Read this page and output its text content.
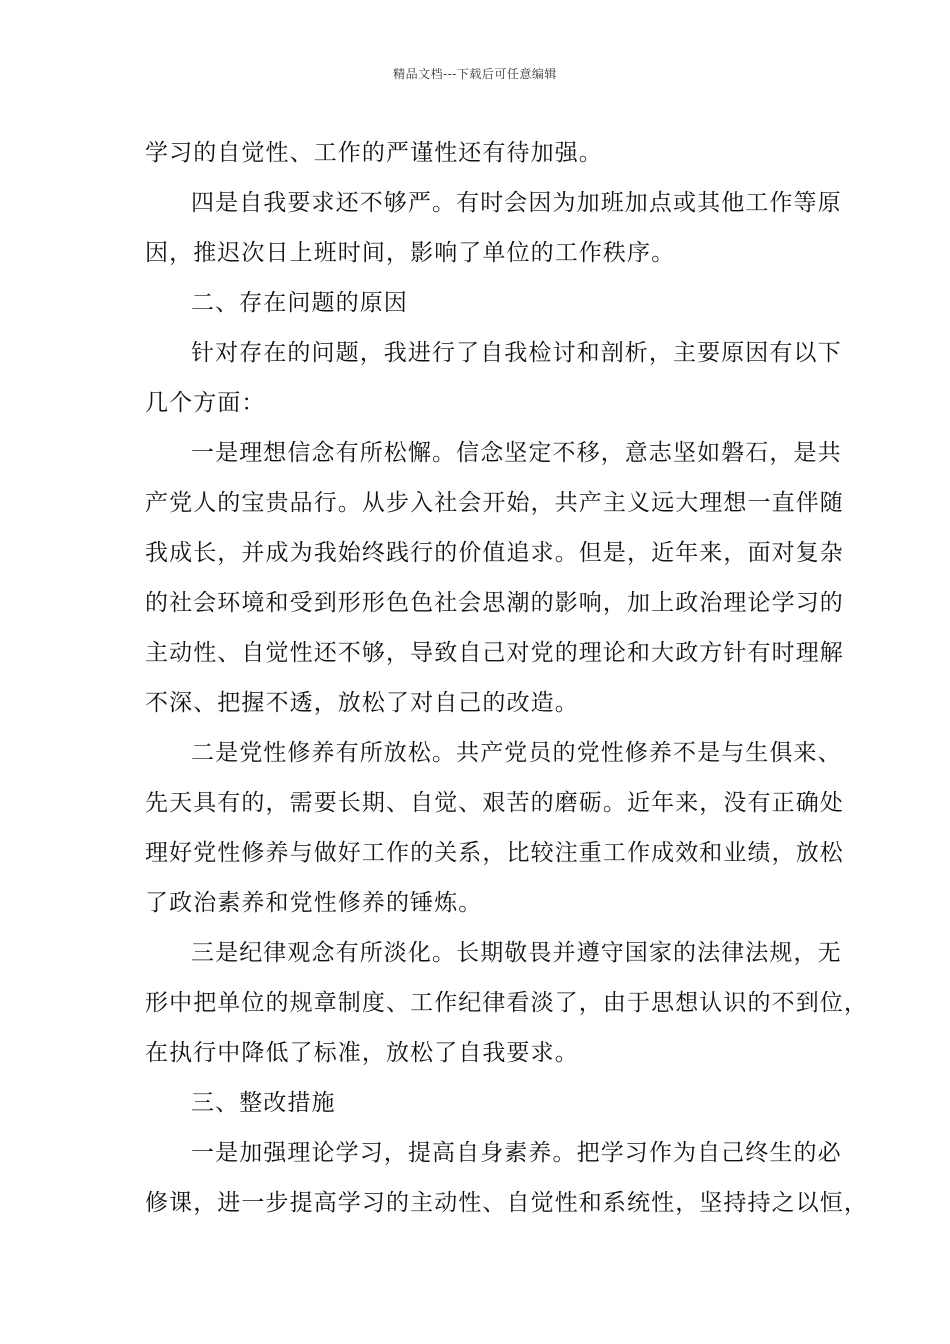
精品文档---下载后可任意编辑
学习的自觉性、工作的严谨性还有待加强。
四是自我要求还不够严。有时会因为加班加点或其他工作等原
因，推迟次日上班时间，影响了单位的工作秩序。
二、存在问题的原因
针对存在的问题，我进行了自我检讨和剖析，主要原因有以下
几个方面：
一是理想信念有所松懈。信念坚定不移，意志坚如磐石，是共
产党人的宝贵品行。从步入社会开始，共产主义远大理想一直伴随
我成长，并成为我始终践行的价值追求。但是，近年来，面对复杂
的社会环境和受到形形色色社会思潮的影响，加上政治理论学习的
主动性、自觉性还不够，导致自己对党的理论和大政方针有时理解
不深、把握不透，放松了对自己的改造。
二是党性修养有所放松。共产党员的党性修养不是与生俱来、
先天具有的，需要长期、自觉、艰苦的磨砺。近年来，没有正确处
理好党性修养与做好工作的关系，比较注重工作成效和业绩，放松
了政治素养和党性修养的锤炼。
三是纪律观念有所淡化。长期敬畏并遵守国家的法律法规，无
形中把单位的规章制度、工作纪律看淡了，由于思想认识的不到位，
在执行中降低了标准，放松了自我要求。
三、整改措施
一是加强理论学习，提高自身素养。把学习作为自己终生的必
修课，进一步提高学习的主动性、自觉性和系统性，坚持持之以恒，
